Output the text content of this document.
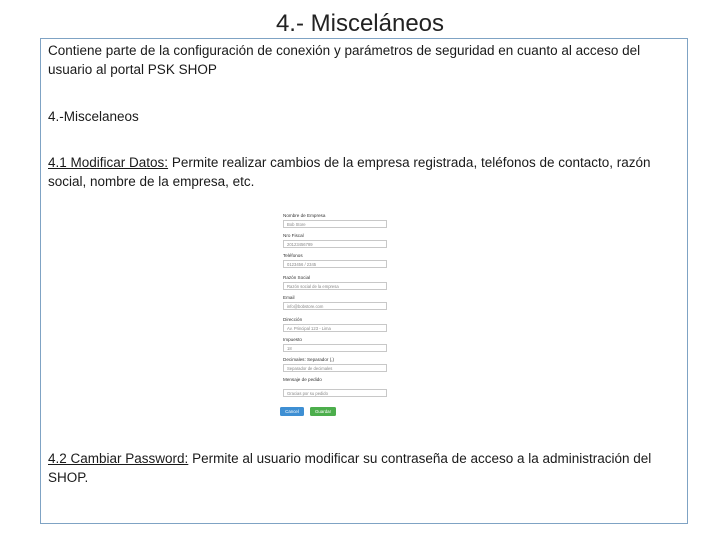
4.- Misceláneos

Contiene parte de la configuración de conexión y parámetros de seguridad en cuanto al acceso del usuario al portal PSK SHOP

4.-Miscelaneos

4.1 Modificar Datos: Permite realizar cambios de la empresa registrada, teléfonos de contacto, razón social, nombre de la empresa, etc.

Nombre de Empresa
Bob Store
Nro Fiscal
20123456789
Teléfonos
0123456 / 2345
Razón Social
Razón social de la empresa
Email
info@bobstore.com
Dirección
Av. Principal 123 - Lima
Impuesto
18
Decimales: Separador (,)
Separador de decimales
Mensaje de pedido
Gracias por su pedido
Cancel	Guardar

4.2 Cambiar Password: Permite al usuario modificar su contraseña de acceso a la administración del SHOP.
